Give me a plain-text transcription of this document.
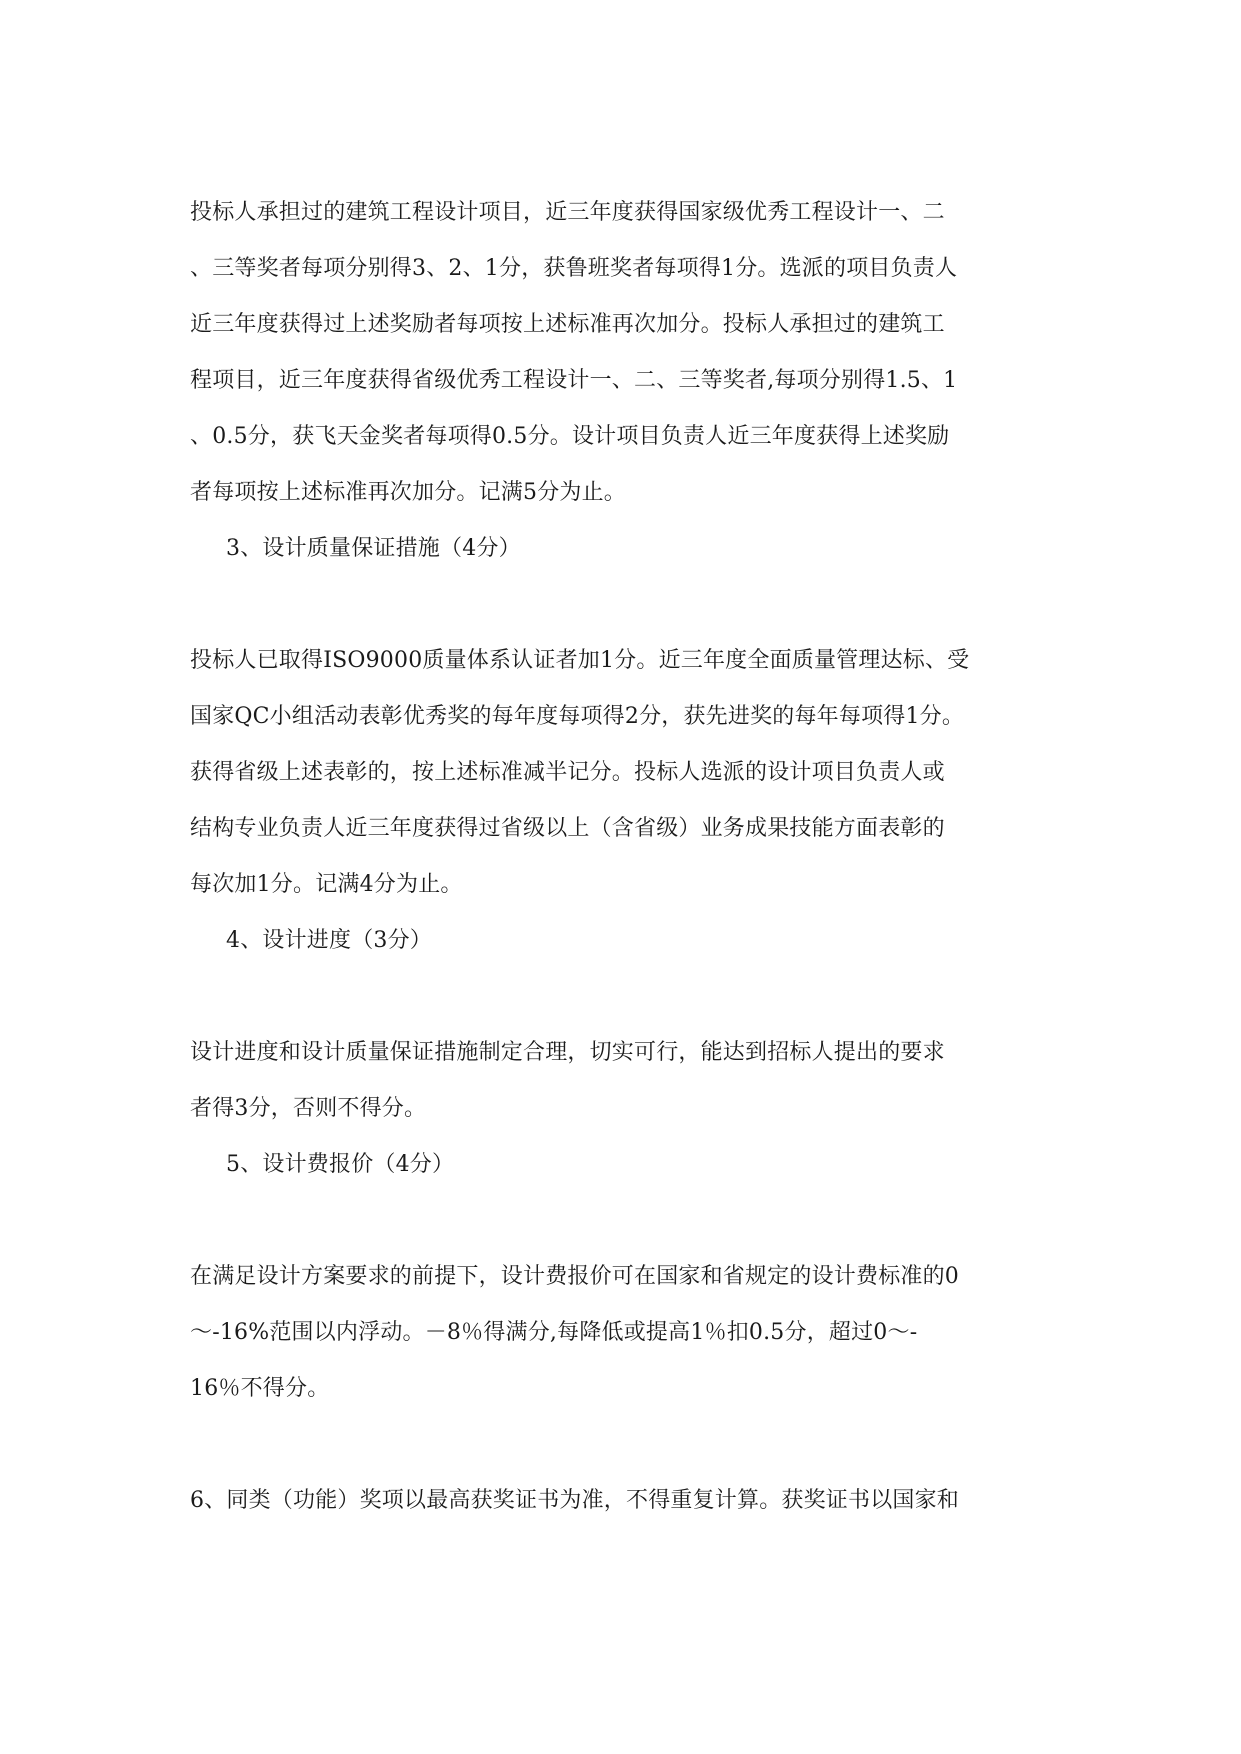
投标人承担过的建筑工程设计项目，近三年度获得国家级优秀工程设计一、二
、三等奖者每项分别得3、2、1分，获鲁班奖者每项得1分。选派的项目负责人
近三年度获得过上述奖励者每项按上述标准再次加分。投标人承担过的建筑工
程项目，近三年度获得省级优秀工程设计一、二、三等奖者,每项分别得1.5、1
、0.5分，获飞天金奖者每项得0.5分。设计项目负责人近三年度获得上述奖励
者每项按上述标准再次加分。记满5分为止。
3、设计质量保证措施（4分）
投标人已取得ISO9000质量体系认证者加1分。近三年度全面质量管理达标、受
国家QC小组活动表彰优秀奖的每年度每项得2分，获先进奖的每年每项得1分。
获得省级上述表彰的，按上述标准减半记分。投标人选派的设计项目负责人或
结构专业负责人近三年度获得过省级以上（含省级）业务成果技能方面表彰的
每次加1分。记满4分为止。
4、设计进度（3分）
设计进度和设计质量保证措施制定合理，切实可行，能达到招标人提出的要求
者得3分，否则不得分。
5、设计费报价（4分）
在满足设计方案要求的前提下，设计费报价可在国家和省规定的设计费标准的0
～-16%范围以内浮动。－8％得满分,每降低或提高1％扣0.5分，超过0～-
16％不得分。
6、同类（功能）奖项以最高获奖证书为准，不得重复计算。获奖证书以国家和
